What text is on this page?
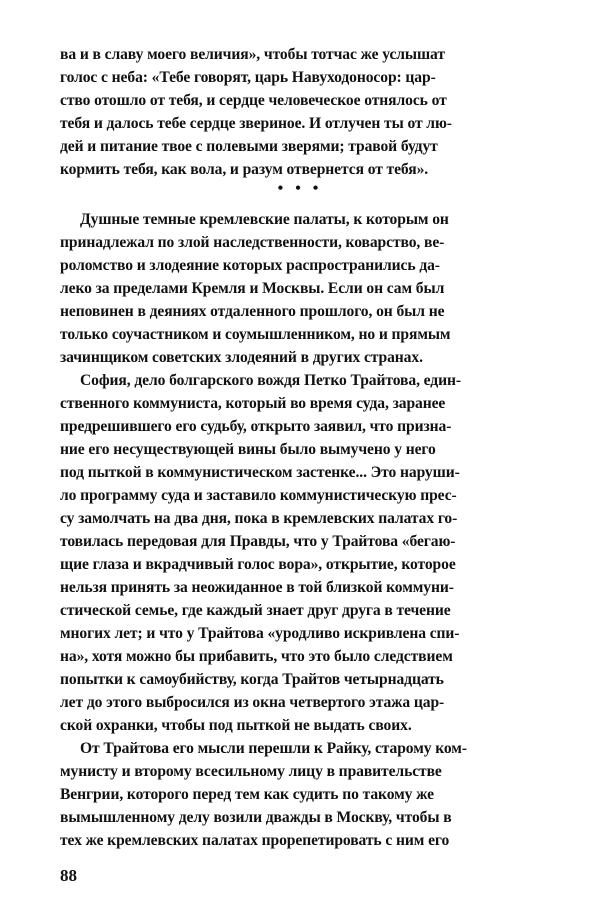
ва и в славу моего величия», чтобы тотчас же услышат
голос с неба: «Тебе говорят, царь Навуходоносор: цар-
ство отошло от тебя, и сердце человеческое отнялось от
тебя и далось тебе сердце звериное. И отлучен ты от лю-
дей и питание твое с полевыми зверями; травой будут
кормить тебя, как вола, и разум отвернется от тебя».
• • •
Душные темные кремлевские палаты, к которым он
принадлежал по злой наследственности, коварство, ве-
роломство и злодеяние которых распространились да-
леко за пределами Кремля и Москвы. Если он сам был
неповинен в деяниях отдаленного прошлого, он был не
только соучастником и соумышленником, но и прямым
зачинщиком советских злодеяний в других странах.
София, дело болгарского вождя Петко Трайтова, един-
ственного коммуниста, который во время суда, заранее
предрешившего его судьбу, открыто заявил, что призна-
ние его несуществующей вины было вымучено у него
под пыткой в коммунистическом застенке... Это наруши-
ло программу суда и заставило коммунистическую прес-
су замолчать на два дня, пока в кремлевских палатах го-
товилась передовая для Правды, что у Трайтова «бегаю-
щие глаза и вкрадчивый голос вора», открытие, которое
нельзя принять за неожиданное в той близкой коммуни-
стической семье, где каждый знает друг друга в течение
многих лет; и что у Трайтова «уродливо искривлена спи-
на», хотя можно бы прибавить, что это было следствием
попытки к самоубийству, когда Трайтов четырнадцать
лет до этого выбросился из окна четвертого этажа цар-
ской охранки, чтобы под пыткой не выдать своих.
От Трайтова его мысли перешли к Райку, старому ком-
мунисту и второму всесильному лицу в правительстве
Венгрии, которого перед тем как судить по такому же
вымышленному делу возили дважды в Москву, чтобы в
тех же кремлевских палатах прорепетировать с ним его
88
